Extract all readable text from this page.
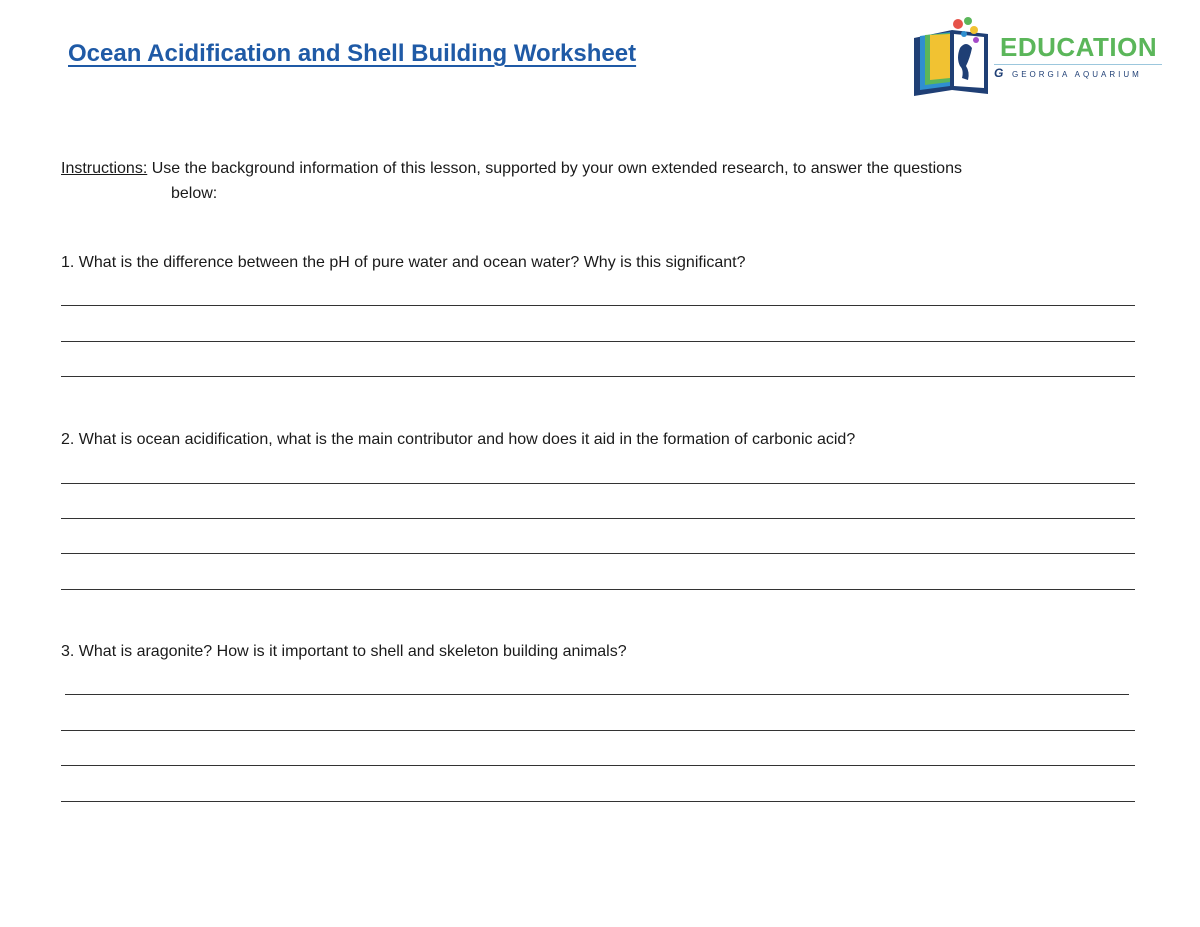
Ocean Acidification and Shell Building Worksheet	EDUCATION
G GEORGIA AQUARIUM
Instructions: Use the background information of this lesson, supported by your own extended research, to answer the questions
below:
1. What is the difference between the pH of pure water and ocean water? Why is this significant?
2. What is ocean acidification, what is the main contributor and how does it aid in the formation of carbonic acid?
3. What is aragonite? How is it important to shell and skeleton building animals?
